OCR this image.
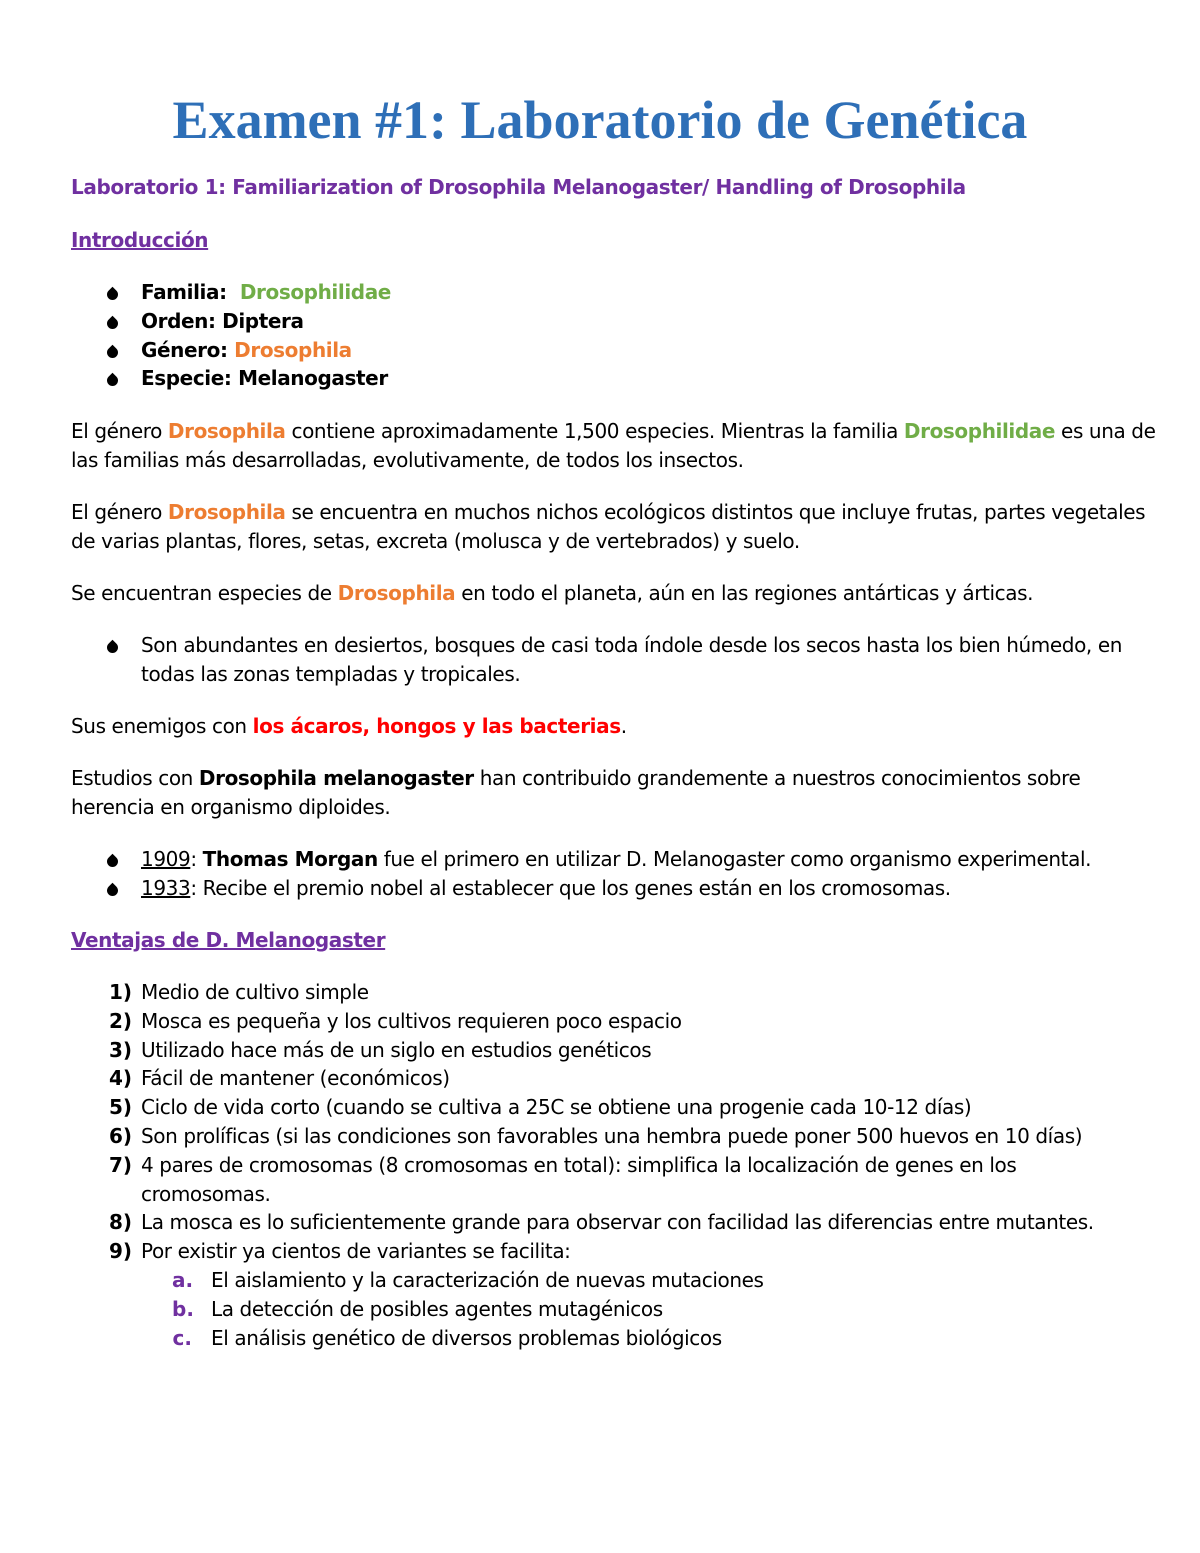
Examen #1: Laboratorio de Genética
Laboratorio 1: Familiarization of Drosophila Melanogaster/ Handling of Drosophila
Introducción
Familia: Drosophilidae
Orden: Diptera
Género: Drosophila
Especie: Melanogaster
El género Drosophila contiene aproximadamente 1,500 especies. Mientras la familia Drosophilidae es una de
las familias más desarrolladas, evolutivamente, de todos los insectos.
El género Drosophila se encuentra en muchos nichos ecológicos distintos que incluye frutas, partes vegetales
de varias plantas, flores, setas, excreta (molusca y de vertebrados) y suelo.
Se encuentran especies de Drosophila en todo el planeta, aún en las regiones antárticas y árticas.
Son abundantes en desiertos, bosques de casi toda índole desde los secos hasta los bien húmedo, en
todas las zonas templadas y tropicales.
Sus enemigos con los ácaros, hongos y las bacterias.
Estudios con Drosophila melanogaster han contribuido grandemente a nuestros conocimientos sobre
herencia en organismo diploides.
1909: Thomas Morgan fue el primero en utilizar D. Melanogaster como organismo experimental.
1933: Recibe el premio nobel al establecer que los genes están en los cromosomas.
Ventajas de D. Melanogaster
1) Medio de cultivo simple
2) Mosca es pequeña y los cultivos requieren poco espacio
3) Utilizado hace más de un siglo en estudios genéticos
4) Fácil de mantener (económicos)
5) Ciclo de vida corto (cuando se cultiva a 25C se obtiene una progenie cada 10-12 días)
6) Son prolíficas (si las condiciones son favorables una hembra puede poner 500 huevos en 10 días)
7) 4 pares de cromosomas (8 cromosomas en total): simplifica la localización de genes en los
cromosomas.
8) La mosca es lo suficientemente grande para observar con facilidad las diferencias entre mutantes.
9) Por existir ya cientos de variantes se facilita:
a. El aislamiento y la caracterización de nuevas mutaciones
b. La detección de posibles agentes mutagénicos
c. El análisis genético de diversos problemas biológicos
